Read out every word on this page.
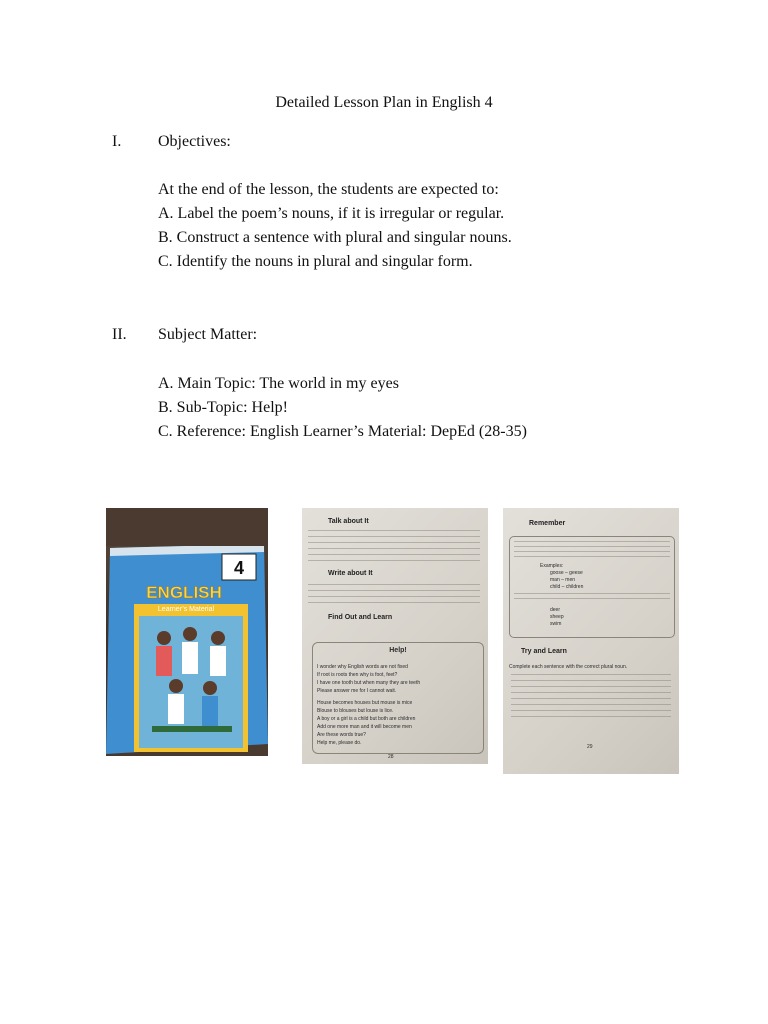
Detailed Lesson Plan in English 4
I. Objectives:
At the end of the lesson, the students are expected to:
A. Label the poem’s nouns, if it is irregular or regular.
B. Construct a sentence with plural and singular nouns.
C. Identify the nouns in plural and singular form.
II. Subject Matter:
A. Main Topic: The world in my eyes
B. Sub-Topic: Help!
C. Reference: English Learner’s Material: DepEd (28-35)
4
ENGLISH
Learner’s Material
Talk about It
Write about It
Find Out and Learn
Help!
I wonder why English words are not fixed
If root is roots then why is foot, feet?
I have one tooth but when many they are teeth
Please answer me for I cannot wait.
House becomes houses but mouse is mice
Blouse to blouses but louse is lice.
A boy or a girl is a child but both are children
Add one more man and it will become men
Are these words true?
Help me, please do.
28
Remember
Examples:
goose – geese
man – men
child – children
deer
sheep
swim
Try and Learn
Complete each sentence with the correct plural noun.
29
